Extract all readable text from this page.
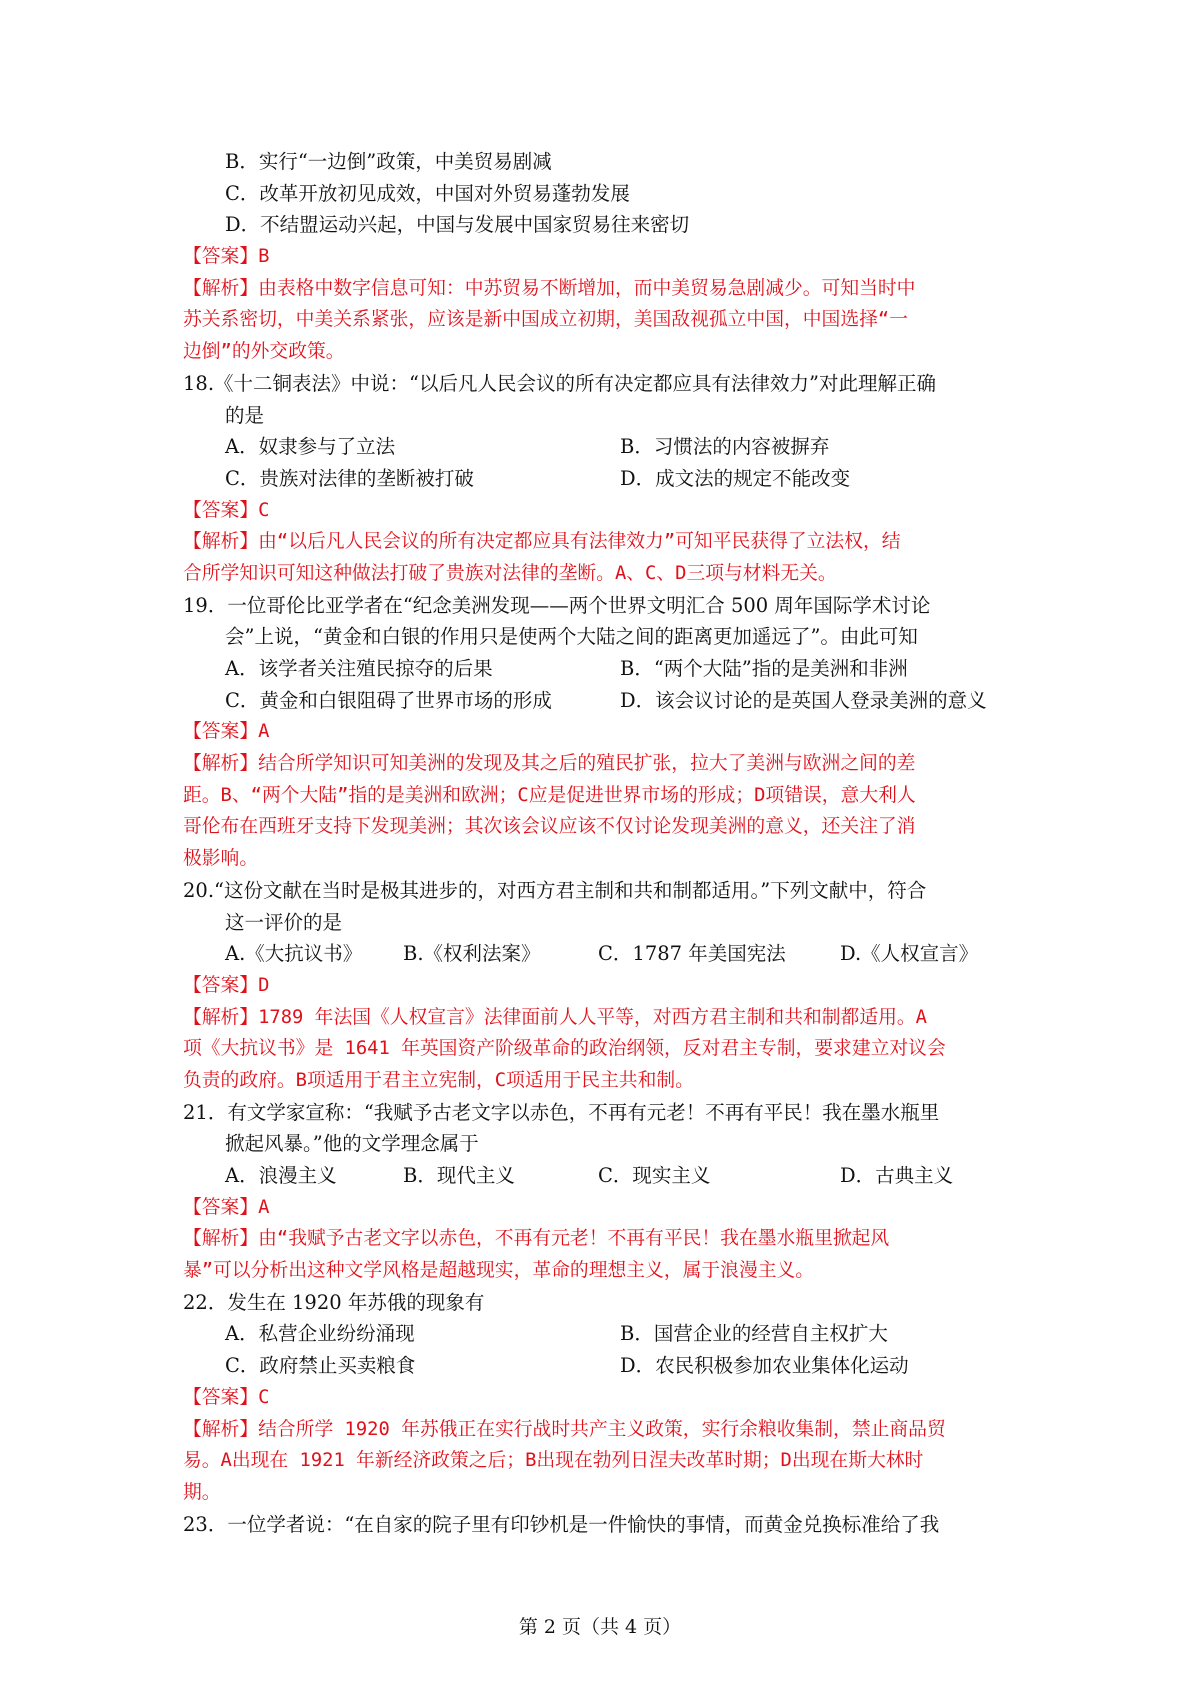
B．实行“一边倒”政策，中美贸易剧减
C．改革开放初见成效，中国对外贸易蓬勃发展
D．不结盟运动兴起，中国与发展中国家贸易往来密切
【答案】B
【解析】由表格中数字信息可知：中苏贸易不断增加，而中美贸易急剧减少。可知当时中
苏关系密切，中美关系紧张，应该是新中国成立初期，美国敌视孤立中国，中国选择“一
边倒”的外交政策。
18.《十二铜表法》中说：“以后凡人民会议的所有决定都应具有法律效力”对此理解正确
的是
A．奴隶参与了立法	B．习惯法的内容被摒弃
C．贵族对法律的垄断被打破	D．成文法的规定不能改变
【答案】C
【解析】由“以后凡人民会议的所有决定都应具有法律效力”可知平民获得了立法权，结
合所学知识可知这种做法打破了贵族对法律的垄断。A、C、D三项与材料无关。
19．一位哥伦比亚学者在“纪念美洲发现——两个世界文明汇合 500 周年国际学术讨论
会”上说，“黄金和白银的作用只是使两个大陆之间的距离更加遥远了”。由此可知
A．该学者关注殖民掠夺的后果	B．“两个大陆”指的是美洲和非洲
C．黄金和白银阻碍了世界市场的形成	D．该会议讨论的是英国人登录美洲的意义
【答案】A
【解析】结合所学知识可知美洲的发现及其之后的殖民扩张，拉大了美洲与欧洲之间的差
距。B、“两个大陆”指的是美洲和欧洲；C应是促进世界市场的形成；D项错误，意大利人
哥伦布在西班牙支持下发现美洲；其次该会议应该不仅讨论发现美洲的意义，还关注了消
极影响。
20.“这份文献在当时是极其进步的，对西方君主制和共和制都适用。”下列文献中，符合
这一评价的是
A.《大抗议书》	B.《权利法案》	C．1787 年美国宪法	D.《人权宣言》
【答案】D
【解析】1789 年法国《人权宣言》法律面前人人平等，对西方君主制和共和制都适用。A
项《大抗议书》是 1641 年英国资产阶级革命的政治纲领，反对君主专制，要求建立对议会
负责的政府。B项适用于君主立宪制，C项适用于民主共和制。
21．有文学家宣称：“我赋予古老文字以赤色，不再有元老！不再有平民！我在墨水瓶里
掀起风暴。”他的文学理念属于
A．浪漫主义	B．现代主义	C．现实主义	D．古典主义
【答案】A
【解析】由“我赋予古老文字以赤色，不再有元老！不再有平民！我在墨水瓶里掀起风
暴”可以分析出这种文学风格是超越现实，革命的理想主义，属于浪漫主义。
22．发生在 1920 年苏俄的现象有
A．私营企业纷纷涌现	B．国营企业的经营自主权扩大
C．政府禁止买卖粮食	D．农民积极参加农业集体化运动
【答案】C
【解析】结合所学 1920 年苏俄正在实行战时共产主义政策，实行余粮收集制，禁止商品贸
易。A出现在 1921 年新经济政策之后；B出现在勃列日涅夫改革时期；D出现在斯大林时
期。
23．一位学者说：“在自家的院子里有印钞机是一件愉快的事情，而黄金兑换标准给了我
第 2 页（共 4 页）
